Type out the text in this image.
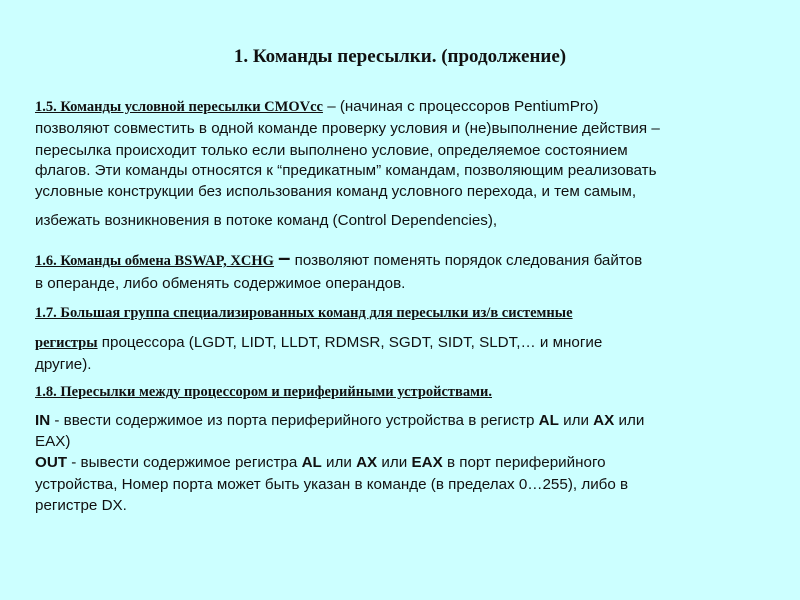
1. Команды пересылки. (продолжение)

1.5. Команды условной пересылки CMOVcc – (начиная с процессоров PentiumPro)

позволяют совместить в одной команде проверку условия и (не)выполнение действия –

пересылка происходит только если выполнено условие, определяемое состоянием

флагов. Эти команды относятся к “предикатным” командам, позволяющим реализовать

условные конструкции без использования команд условного перехода, и тем самым,

избежать возникновения в потоке команд (Control Dependencies),

1.6. Команды обмена BSWAP, XCHG – позволяют поменять порядок следования байтов

в операнде, либо обменять содержимое операндов.

1.7. Большая группа специализированных команд для пересылки из/в системные

регистры процессора (LGDT, LIDT, LLDT, RDMSR, SGDT, SIDT, SLDT,… и многие

другие).

1.8. Пересылки между процессором и периферийными устройствами.

IN - ввести содержимое из порта периферийного устройства в регистр AL или AX или

EAX)

OUT - вывести содержимое регистра AL или AX или EAX в порт периферийного

устройства, Номер порта может быть указан в команде (в пределах 0…255), либо в

регистре DX.
